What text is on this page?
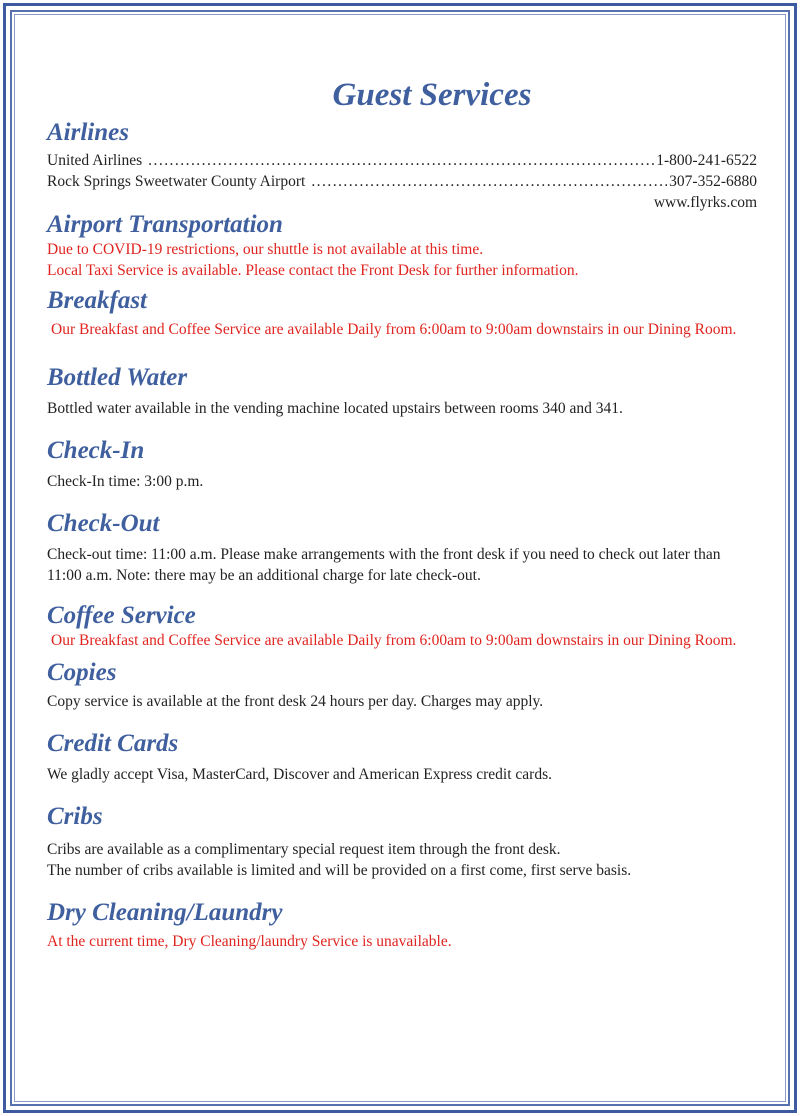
Guest Services
Airlines
United Airlines . . .	1-800-241-6522
Rock Springs Sweetwater County Airport . . .	307-352-6880
www.flyrks.com
Airport Transportation

Due to COVID-19 restrictions, our shuttle is not available at this time.

Local Taxi Service is available. Please contact the Front Desk for further information.

Breakfast

Our Breakfast and Coffee Service are available Daily from 6:00am to 9:00am downstairs in our Dining Room.

Bottled Water

Bottled water available in the vending machine located upstairs between rooms 340 and 341.

Check-In

Check-In time: 3:00 p.m.

Check-Out

Check-out time: 11:00 a.m. Please make arrangements with the front desk if you need to check out later than 11:00 a.m. Note: there may be an additional charge for late check-out.

Coffee Service

Our Breakfast and Coffee Service are available Daily from 6:00am to 9:00am downstairs in our Dining Room.

Copies

Copy service is available at the front desk 24 hours per day. Charges may apply.

Credit Cards

We gladly accept Visa, MasterCard, Discover and American Express credit cards.

Cribs

Cribs are available as a complimentary special request item through the front desk.

The number of cribs available is limited and will be provided on a first come, first serve basis.

Dry Cleaning/Laundry

At the current time, Dry Cleaning/laundry Service is unavailable.
